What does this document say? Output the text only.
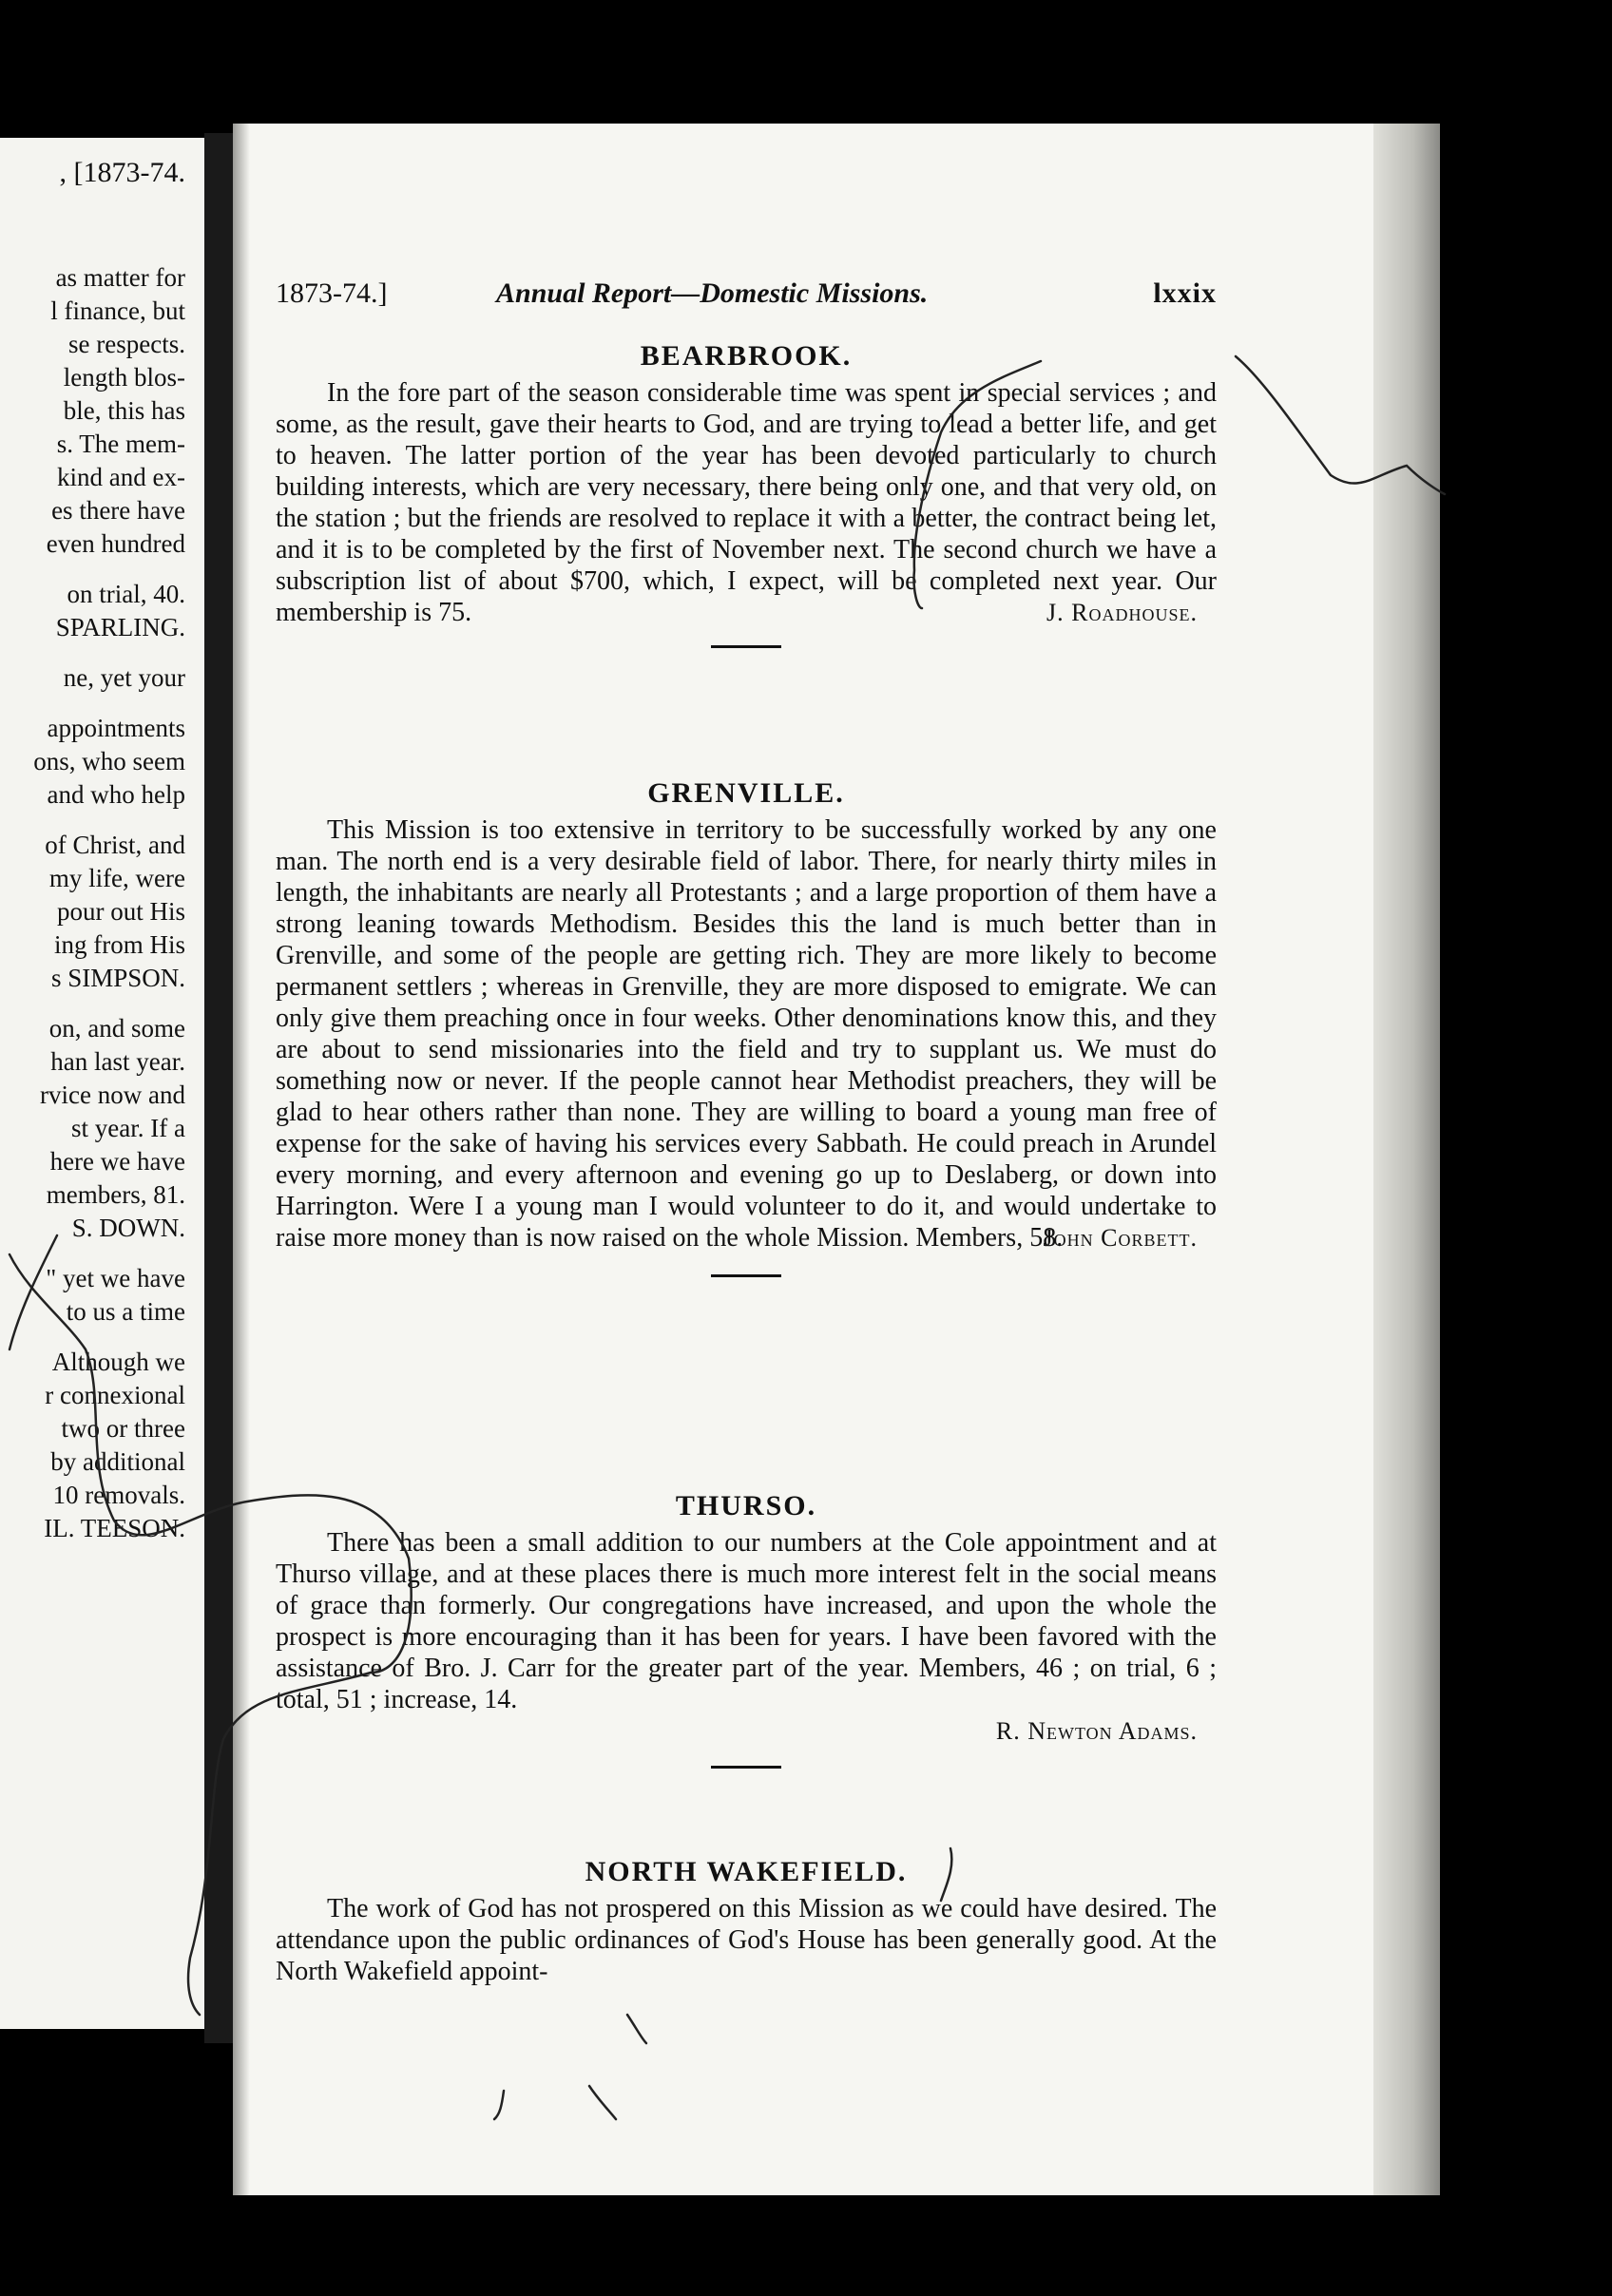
, [1873-74.
as matter for
l finance, but
se respects.
length blos-
ble, this has
s. The mem-
kind and ex-
es there have
even hundred
on trial, 40.
SPARLING.
ne, yet your
appointments
ons, who seem
and who help
of Christ, and
my life, were
pour out His
ing from His
s SIMPSON.
on, and some
han last year.
rvice now and
st year. If a
here we have
members, 81.
S. DOWN.
" yet we have
to us a time
Although we
r connexional
two or three
by additional
10 removals.
IL. TEESON.
1873-74.]	Annual Report—Domestic Missions.	lxxix
BEARBROOK.

In the fore part of the season considerable time was spent in special services ; and some, as the result, gave their hearts to God, and are trying to lead a better life, and get to heaven. The latter portion of the year has been devoted particularly to church building interests, which are very necessary, there being only one, and that very old, on the station ; but the friends are resolved to replace it with a better, the contract being let, and it is to be completed by the first of November next. The second church we have a subscription list of about $700, which, I expect, will be completed next year. Our membership is 75.	J. Roadhouse.
GRENVILLE.

This Mission is too extensive in territory to be successfully worked by any one man. The north end is a very desirable field of labor. There, for nearly thirty miles in length, the inhabitants are nearly all Protestants ; and a large proportion of them have a strong leaning towards Methodism. Besides this the land is much better than in Grenville, and some of the people are getting rich. They are more likely to become permanent settlers ; whereas in Grenville, they are more disposed to emigrate. We can only give them preaching once in four weeks. Other denominations know this, and they are about to send missionaries into the field and try to supplant us. We must do something now or never. If the people cannot hear Methodist preachers, they will be glad to hear others rather than none. They are willing to board a young man free of expense for the sake of having his services every Sabbath. He could preach in Arundel every morning, and every afternoon and evening go up to Deslaberg, or down into Harrington. Were I a young man I would volunteer to do it, and would undertake to raise more money than is now raised on the whole Mission. Members, 58.

John Corbett.
THURSO.

There has been a small addition to our numbers at the Cole appointment and at Thurso village, and at these places there is much more interest felt in the social means of grace than formerly. Our congregations have increased, and upon the whole the prospect is more encouraging than it has been for years. I have been favored with the assistance of Bro. J. Carr for the greater part of the year. Members, 46 ; on trial, 6 ; total, 51 ; increase, 14.

R. Newton Adams.
NORTH WAKEFIELD.

The work of God has not prospered on this Mission as we could have desired. The attendance upon the public ordinances of God's House has been generally good. At the North Wakefield appoint-
